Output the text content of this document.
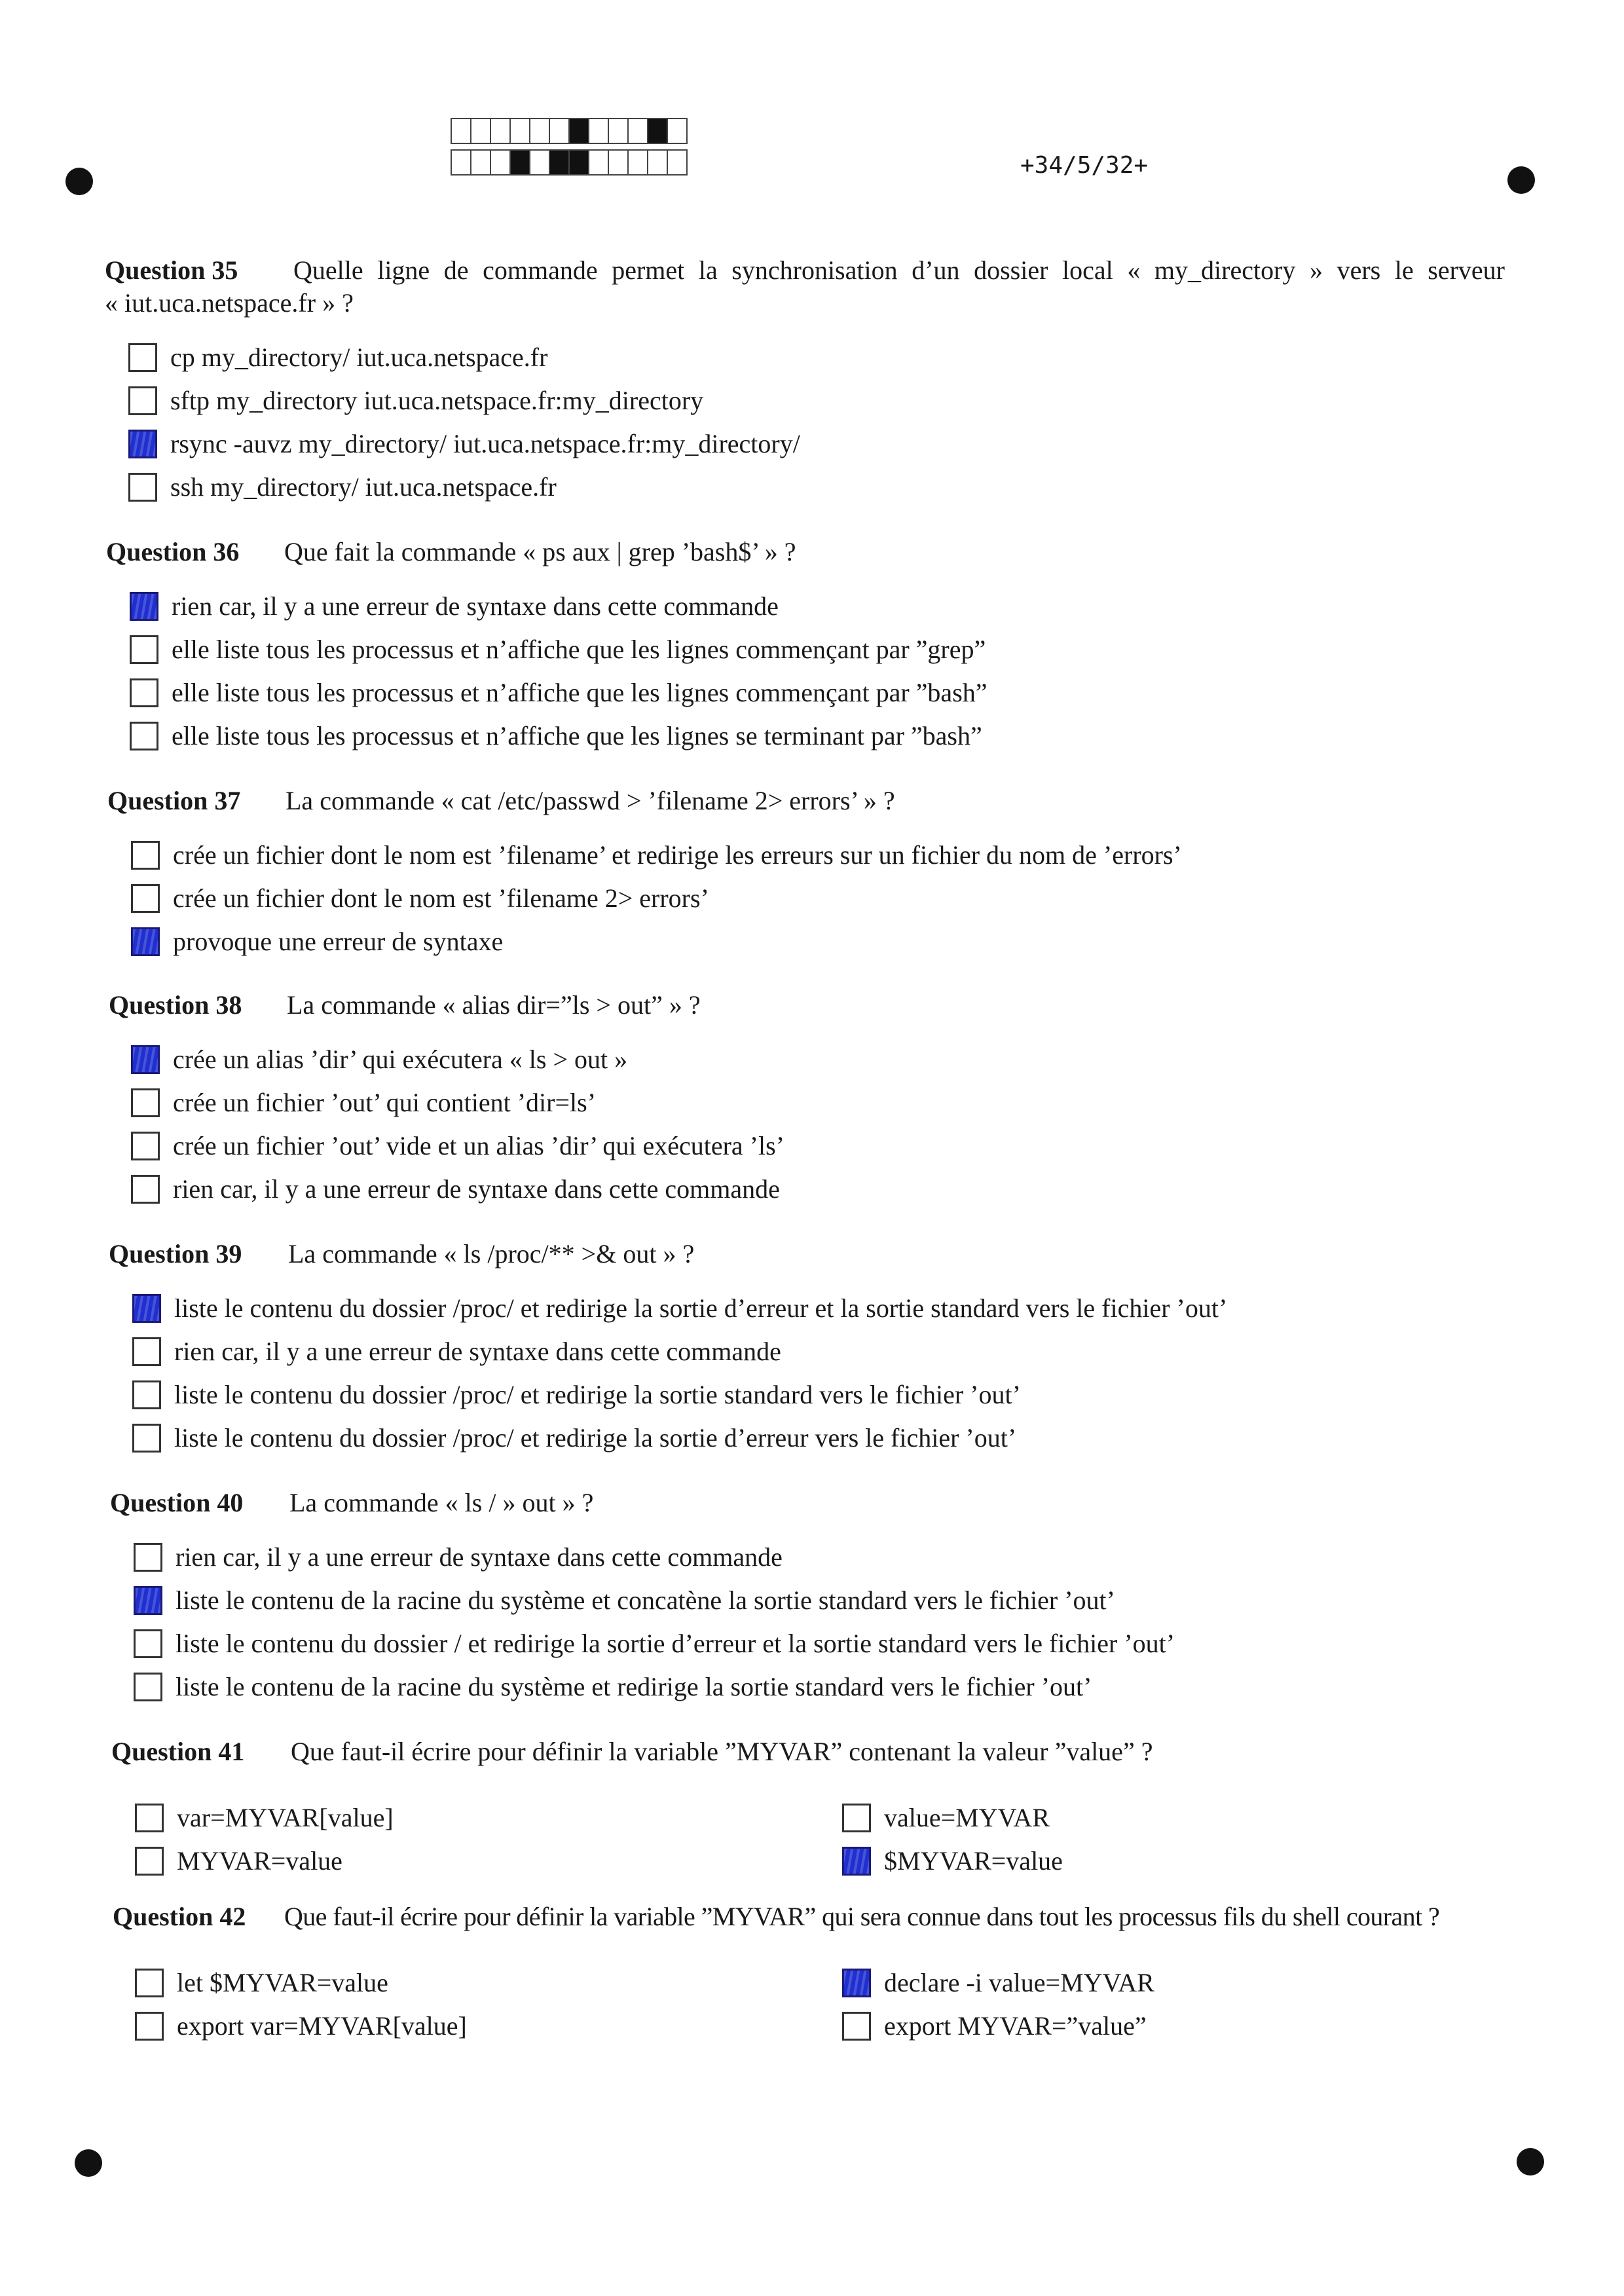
+34/5/32+
Question 35 Quelle ligne de commande permet la synchronisation d’un dossier local « my_directory » vers le serveur
« iut.uca.netspace.fr » ?
cp my_directory/ iut.uca.netspace.fr
sftp my_directory iut.uca.netspace.fr:my_directory
rsync -auvz my_directory/ iut.uca.netspace.fr:my_directory/
ssh my_directory/ iut.uca.netspace.fr
Question 36 Que fait la commande « ps aux | grep ’bash$’ » ?
rien car, il y a une erreur de syntaxe dans cette commande
elle liste tous les processus et n’affiche que les lignes commençant par ”grep”
elle liste tous les processus et n’affiche que les lignes commençant par ”bash”
elle liste tous les processus et n’affiche que les lignes se terminant par ”bash”
Question 37 La commande « cat /etc/passwd > ’filename 2> errors’ » ?
crée un fichier dont le nom est ’filename’ et redirige les erreurs sur un fichier du nom de ’errors’
crée un fichier dont le nom est ’filename 2> errors’
provoque une erreur de syntaxe
Question 38 La commande « alias dir=”ls > out” » ?
crée un alias ’dir’ qui exécutera « ls > out »
crée un fichier ’out’ qui contient ’dir=ls’
crée un fichier ’out’ vide et un alias ’dir’ qui exécutera ’ls’
rien car, il y a une erreur de syntaxe dans cette commande
Question 39 La commande « ls /proc/** >& out » ?
liste le contenu du dossier /proc/ et redirige la sortie d’erreur et la sortie standard vers le fichier ’out’
rien car, il y a une erreur de syntaxe dans cette commande
liste le contenu du dossier /proc/ et redirige la sortie standard vers le fichier ’out’
liste le contenu du dossier /proc/ et redirige la sortie d’erreur vers le fichier ’out’
Question 40 La commande « ls / » out » ?
rien car, il y a une erreur de syntaxe dans cette commande
liste le contenu de la racine du système et concatène la sortie standard vers le fichier ’out’
liste le contenu du dossier / et redirige la sortie d’erreur et la sortie standard vers le fichier ’out’
liste le contenu de la racine du système et redirige la sortie standard vers le fichier ’out’
Question 41 Que faut-il écrire pour définir la variable ”MYVAR” contenant la valeur ”value” ?
var=MYVAR[value]
MYVAR=value
value=MYVAR
$MYVAR=value
Question 42 Que faut-il écrire pour définir la variable ”MYVAR” qui sera connue dans tout les processus fils du shell courant ?
let $MYVAR=value
export var=MYVAR[value]
declare -i value=MYVAR
export MYVAR=”value”
